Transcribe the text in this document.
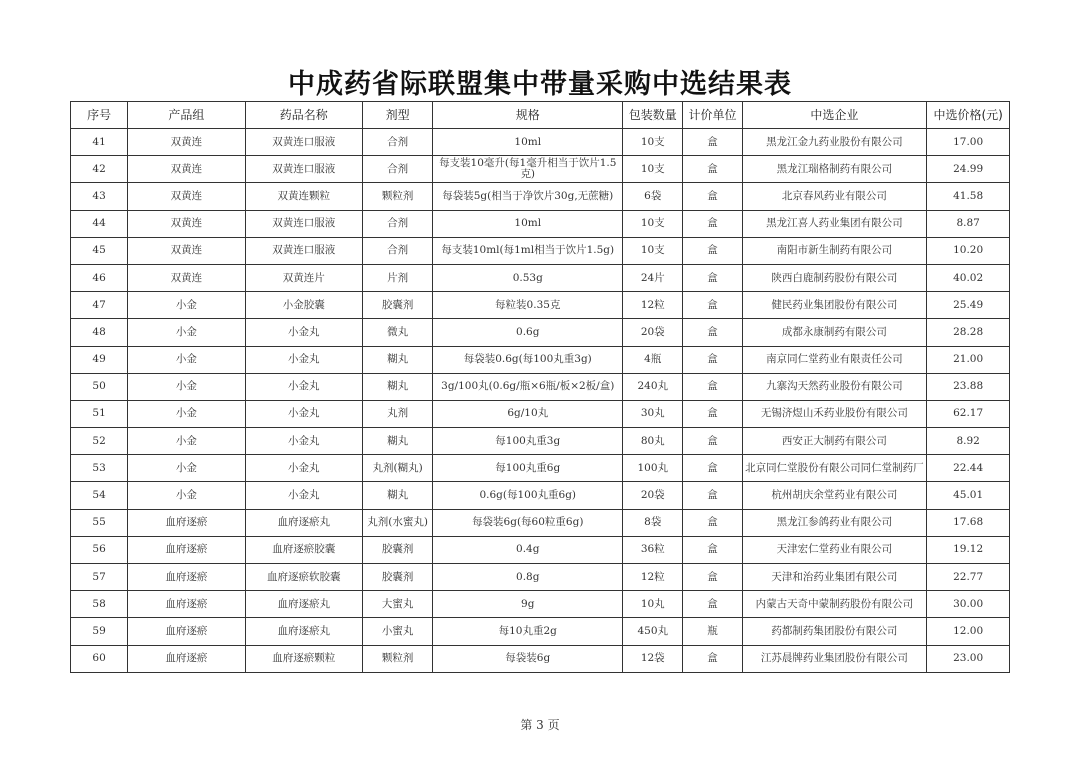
中成药省际联盟集中带量采购中选结果表
序号	产品组	药品名称	剂型	规格	包装数量	计价单位	中选企业	中选价格(元)
41	双黄连	双黄连口服液	合剂	10ml	10支	盒	黑龙江金九药业股份有限公司	17.00
42	双黄连	双黄连口服液	合剂	每支装10毫升(每1毫升相当于饮片1.5克)	10支	盒	黑龙江瑞格制药有限公司	24.99
43	双黄连	双黄连颗粒	颗粒剂	每袋装5g(相当于净饮片30g,无蔗糖)	6袋	盒	北京春风药业有限公司	41.58
44	双黄连	双黄连口服液	合剂	10ml	10支	盒	黑龙江喜人药业集团有限公司	8.87
45	双黄连	双黄连口服液	合剂	每支装10ml(每1ml相当于饮片1.5g)	10支	盒	南阳市新生制药有限公司	10.20
46	双黄连	双黄连片	片剂	0.53g	24片	盒	陕西白鹿制药股份有限公司	40.02
47	小金	小金胶囊	胶囊剂	每粒装0.35克	12粒	盒	健民药业集团股份有限公司	25.49
48	小金	小金丸	微丸	0.6g	20袋	盒	成都永康制药有限公司	28.28
49	小金	小金丸	糊丸	每袋装0.6g(每100丸重3g)	4瓶	盒	南京同仁堂药业有限责任公司	21.00
50	小金	小金丸	糊丸	3g/100丸(0.6g/瓶×6瓶/板×2板/盒)	240丸	盒	九寨沟天然药业股份有限公司	23.88
51	小金	小金丸	丸剂	6g/10丸	30丸	盒	无锡济煜山禾药业股份有限公司	62.17
52	小金	小金丸	糊丸	每100丸重3g	80丸	盒	西安正大制药有限公司	8.92
53	小金	小金丸	丸剂(糊丸)	每100丸重6g	100丸	盒	北京同仁堂股份有限公司同仁堂制药厂	22.44
54	小金	小金丸	糊丸	0.6g(每100丸重6g)	20袋	盒	杭州胡庆余堂药业有限公司	45.01
55	血府逐瘀	血府逐瘀丸	丸剂(水蜜丸)	每袋装6g(每60粒重6g)	8袋	盒	黑龙江参鸽药业有限公司	17.68
56	血府逐瘀	血府逐瘀胶囊	胶囊剂	0.4g	36粒	盒	天津宏仁堂药业有限公司	19.12
57	血府逐瘀	血府逐瘀软胶囊	胶囊剂	0.8g	12粒	盒	天津和治药业集团有限公司	22.77
58	血府逐瘀	血府逐瘀丸	大蜜丸	9g	10丸	盒	内蒙古天奇中蒙制药股份有限公司	30.00
59	血府逐瘀	血府逐瘀丸	小蜜丸	每10丸重2g	450丸	瓶	药都制药集团股份有限公司	12.00
60	血府逐瘀	血府逐瘀颗粒	颗粒剂	每袋装6g	12袋	盒	江苏晨牌药业集团股份有限公司	23.00
第 3 页
